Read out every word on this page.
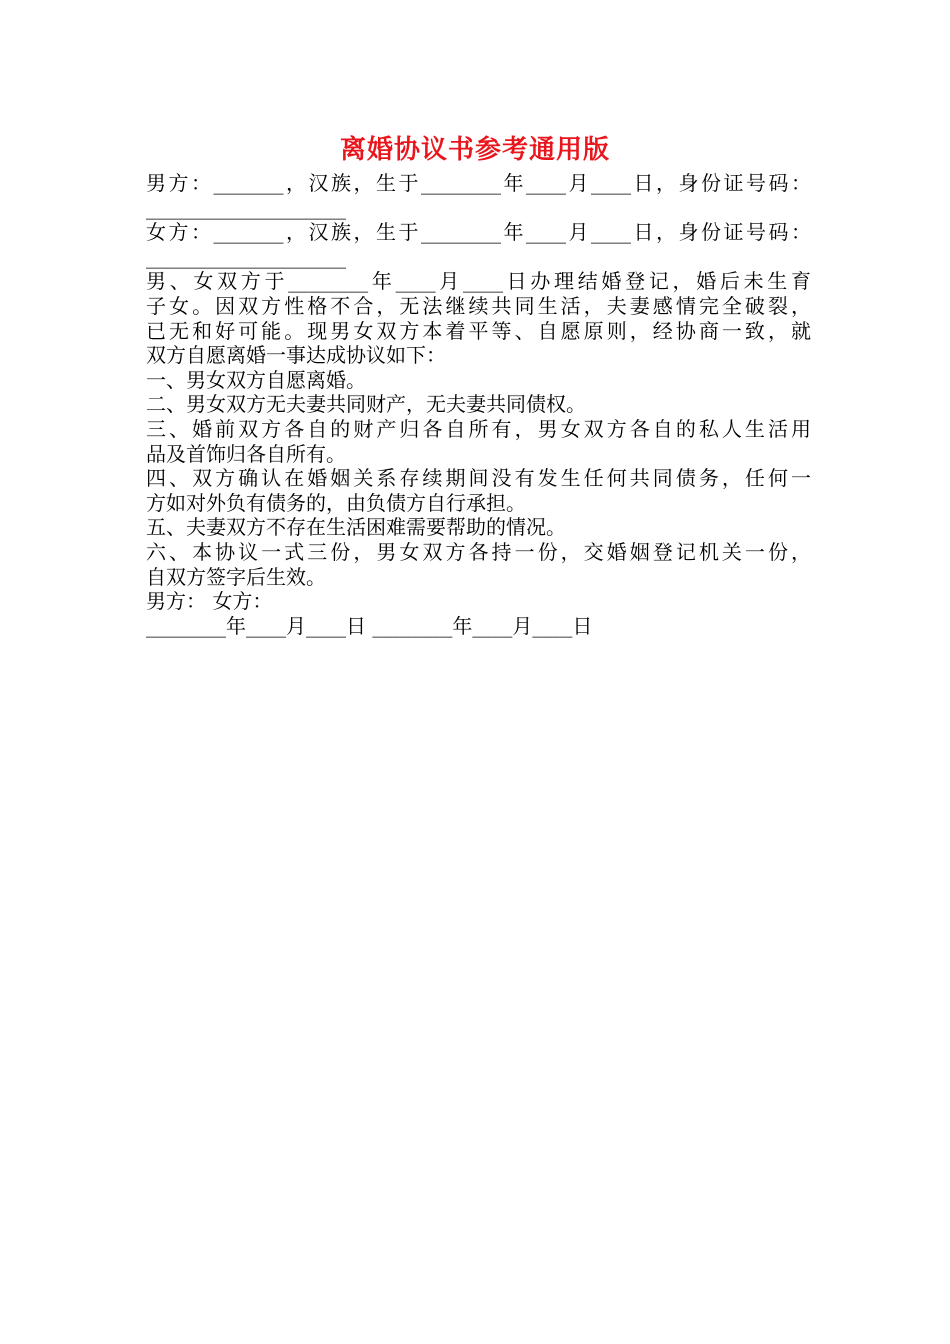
离婚协议书参考通用版
男方：_______，汉族，生于________年____月____日，身份证号码：
____________________
女方：_______，汉族，生于________年____月____日，身份证号码：
____________________
男、女双方于________年____月____日办理结婚登记，婚后未生育
子女。因双方性格不合，无法继续共同生活，夫妻感情完全破裂，
已无和好可能。现男女双方本着平等、自愿原则，经协商一致，就
双方自愿离婚一事达成协议如下：
一、男女双方自愿离婚。
二、男女双方无夫妻共同财产，无夫妻共同债权。
三、婚前双方各自的财产归各自所有，男女双方各自的私人生活用
品及首饰归各自所有。
四、双方确认在婚姻关系存续期间没有发生任何共同债务，任何一
方如对外负有债务的，由负债方自行承担。
五、夫妻双方不存在生活困难需要帮助的情况。
六、本协议一式三份，男女双方各持一份，交婚姻登记机关一份，
自双方签字后生效。
男方： 女方：
________年____月____日 ________年____月____日
